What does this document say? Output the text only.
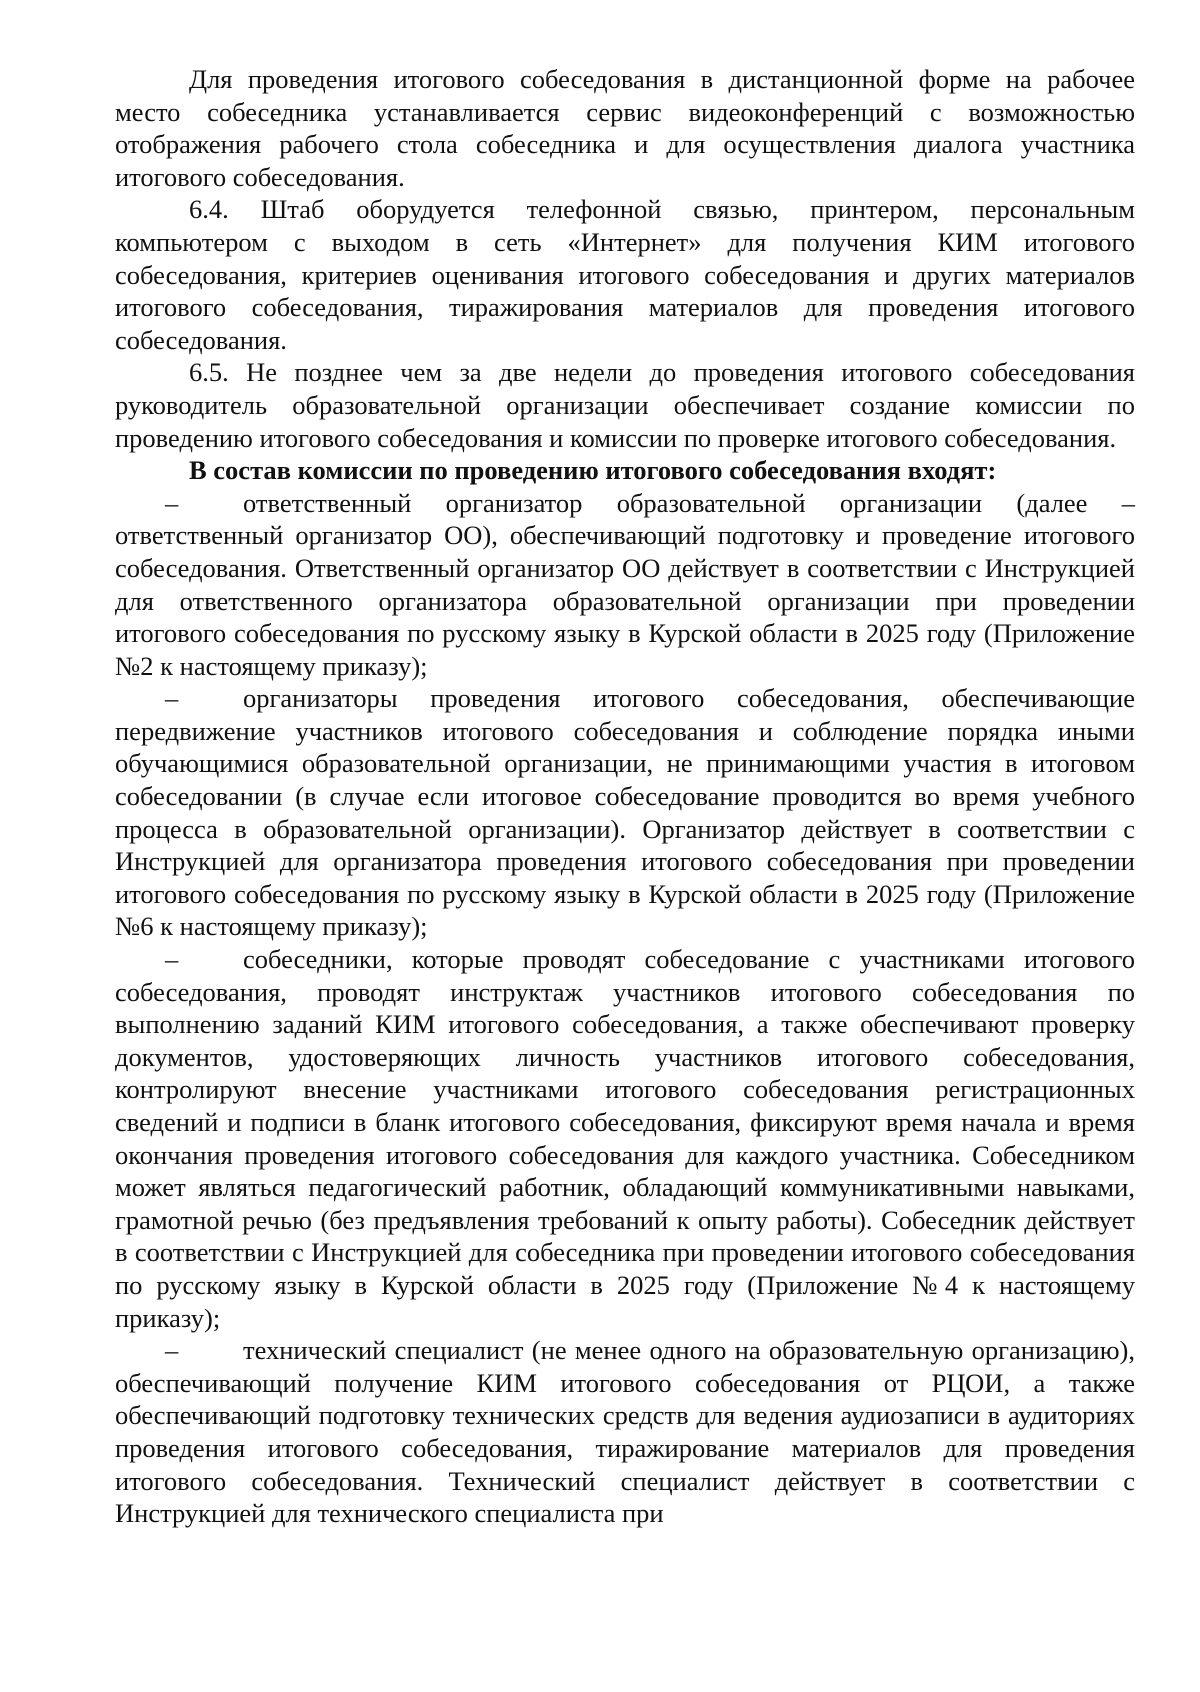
Для проведения итогового собеседования в дистанционной форме на рабочее место собеседника устанавливается сервис видеоконференций с возможностью отображения рабочего стола собеседника и для осуществления диалога участника итогового собеседования.

6.4. Штаб оборудуется телефонной связью, принтером, персональным компьютером с выходом в сеть «Интернет» для получения КИМ итогового собеседования, критериев оценивания итогового собеседования и других материалов итогового собеседования, тиражирования материалов для проведения итогового собеседования.

6.5. Не позднее чем за две недели до проведения итогового собеседования руководитель образовательной организации обеспечивает создание комиссии по проведению итогового собеседования и комиссии по проверке итогового собеседования.

В состав комиссии по проведению итогового собеседования входят:

– ответственный организатор образовательной организации (далее – ответственный организатор ОО), обеспечивающий подготовку и проведение итогового собеседования. Ответственный организатор ОО действует в соответствии с Инструкцией для ответственного организатора образовательной организации при проведении итогового собеседования по русскому языку в Курской области в 2025 году (Приложение №2 к настоящему приказу);

– организаторы проведения итогового собеседования, обеспечивающие передвижение участников итогового собеседования и соблюдение порядка иными обучающимися образовательной организации, не принимающими участия в итоговом собеседовании (в случае если итоговое собеседование проводится во время учебного процесса в образовательной организации). Организатор действует в соответствии с Инструкцией для организатора проведения итогового собеседования при проведении итогового собеседования по русскому языку в Курской области в 2025 году (Приложение №6 к настоящему приказу);

– собеседники, которые проводят собеседование с участниками итогового собеседования, проводят инструктаж участников итогового собеседования по выполнению заданий КИМ итогового собеседования, а также обеспечивают проверку документов, удостоверяющих личность участников итогового собеседования, контролируют внесение участниками итогового собеседования регистрационных сведений и подписи в бланк итогового собеседования, фиксируют время начала и время окончания проведения итогового собеседования для каждого участника. Собеседником может являться педагогический работник, обладающий коммуникативными навыками, грамотной речью (без предъявления требований к опыту работы). Собеседник действует в соответствии с Инструкцией для собеседника при проведении итогового собеседования по русскому языку в Курской области в 2025 году (Приложение №4 к настоящему приказу);

– технический специалист (не менее одного на образовательную организацию), обеспечивающий получение КИМ итогового собеседования от РЦОИ, а также обеспечивающий подготовку технических средств для ведения аудиозаписи в аудиториях проведения итогового собеседования, тиражирование материалов для проведения итогового собеседования. Технический специалист действует в соответствии с Инструкцией для технического специалиста при
